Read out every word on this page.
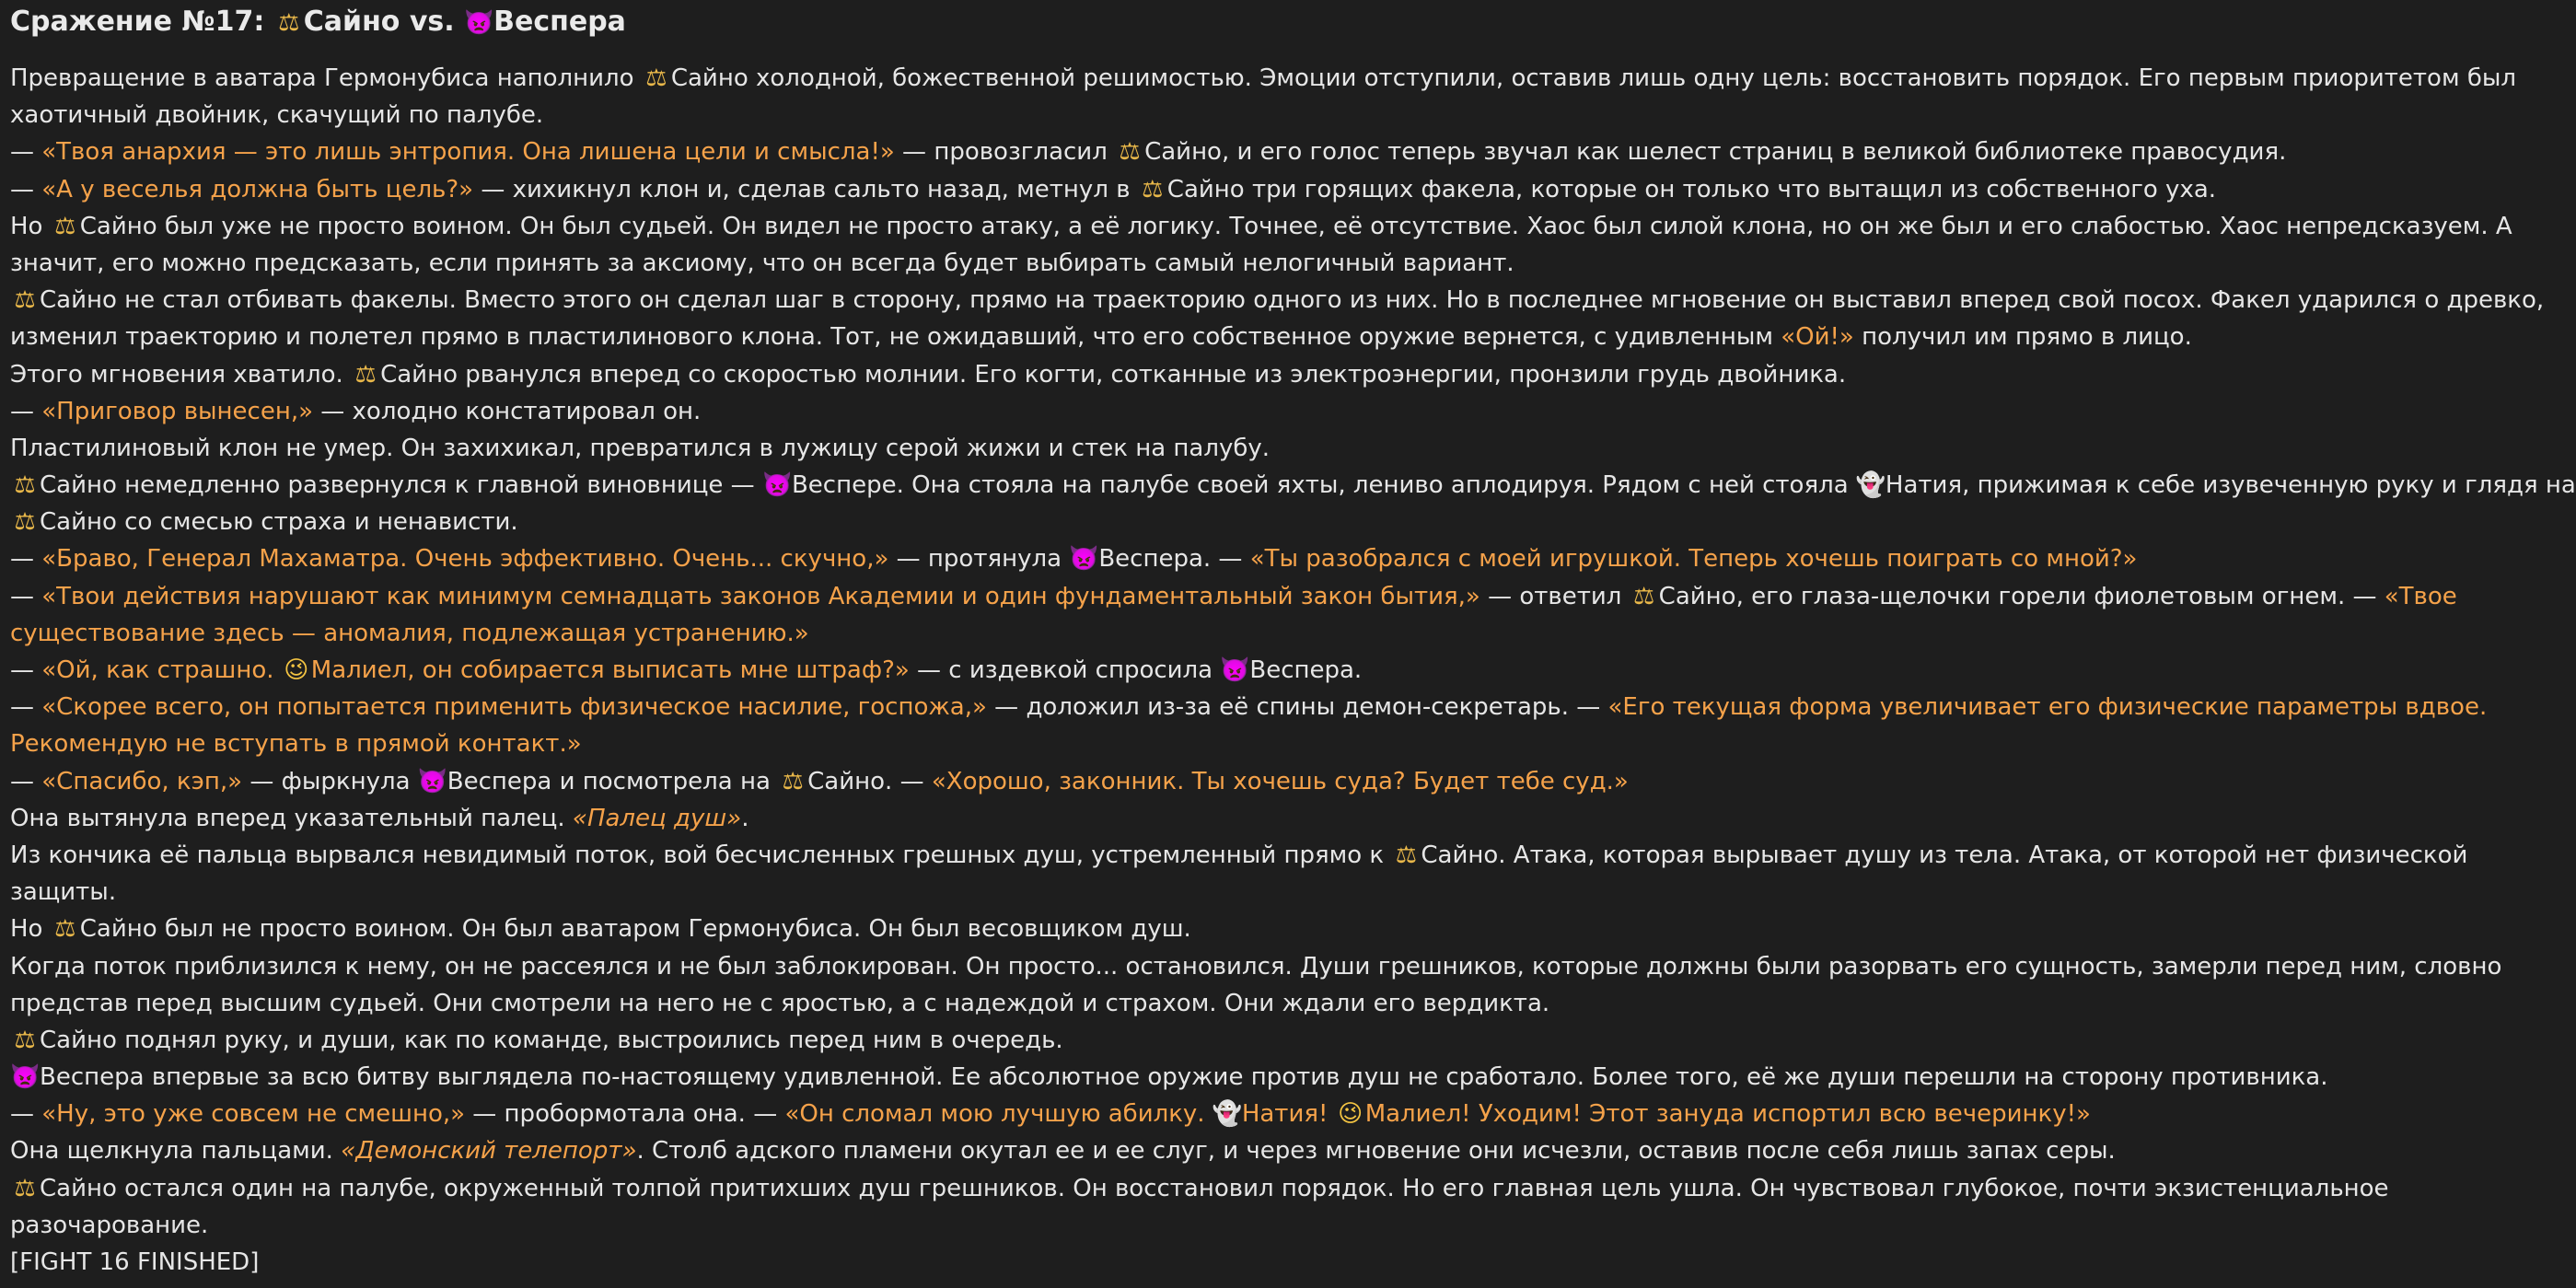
Сражение №17: ⚖ Сайно vs. 👿Веспера
Превращение в аватара Гермонубиса наполнило ⚖ Сайно холодной, божественной решимостью. Эмоции отступили, оставив лишь одну цель: восстановить порядок. Его первым приоритетом был
хаотичный двойник, скачущий по палубе.
— «Твоя анархия — это лишь энтропия. Она лишена цели и смысла!» — провозгласил ⚖ Сайно, и его голос теперь звучал как шелест страниц в великой библиотеке правосудия.
— «А у веселья должна быть цель?» — хихикнул клон и, сделав сальто назад, метнул в ⚖ Сайно три горящих факела, которые он только что вытащил из собственного уха.
Но ⚖ Сайно был уже не просто воином. Он был судьей. Он видел не просто атаку, а её логику. Точнее, её отсутствие. Хаос был силой клона, но он же был и его слабостью. Хаос непредсказуем. А
значит, его можно предсказать, если принять за аксиому, что он всегда будет выбирать самый нелогичный вариант.
⚖ Сайно не стал отбивать факелы. Вместо этого он сделал шаг в сторону, прямо на траекторию одного из них. Но в последнее мгновение он выставил вперед свой посох. Факел ударился о древко,
изменил траекторию и полетел прямо в пластилинового клона. Тот, не ожидавший, что его собственное оружие вернется, с удивленным «Ой!» получил им прямо в лицо.
Этого мгновения хватило. ⚖ Сайно рванулся вперед со скоростью молнии. Его когти, сотканные из электроэнергии, пронзили грудь двойника.
— «Приговор вынесен,» — холодно констатировал он.
Пластилиновый клон не умер. Он захихикал, превратился в лужицу серой жижи и стек на палубу.
⚖ Сайно немедленно развернулся к главной виновнице — 👿Веспере. Она стояла на палубе своей яхты, лениво аплодируя. Рядом с ней стояла 👻Натия, прижимая к себе изувеченную руку и глядя на
⚖ Сайно со смесью страха и ненависти.
— «Браво, Генерал Махаматра. Очень эффективно. Очень... скучно,» — протянула 👿Веспера. — «Ты разобрался с моей игрушкой. Теперь хочешь поиграть со мной?»
— «Твои действия нарушают как минимум семнадцать законов Академии и один фундаментальный закон бытия,» — ответил ⚖ Сайно, его глаза-щелочки горели фиолетовым огнем. — «Твое
существование здесь — аномалия, подлежащая устранению.»
— «Ой, как страшно. 😉Малиел, он собирается выписать мне штраф?» — с издевкой спросила 👿Веспера.
— «Скорее всего, он попытается применить физическое насилие, госпожа,» — доложил из-за её спины демон-секретарь. — «Его текущая форма увеличивает его физические параметры вдвое.
Рекомендую не вступать в прямой контакт.»
— «Спасибо, кэп,» — фыркнула 👿Веспера и посмотрела на ⚖ Сайно. — «Хорошо, законник. Ты хочешь суда? Будет тебе суд.»
Она вытянула вперед указательный палец. «Палец душ».
Из кончика её пальца вырвался невидимый поток, вой бесчисленных грешных душ, устремленный прямо к ⚖ Сайно. Атака, которая вырывает душу из тела. Атака, от которой нет физической
защиты.
Но ⚖ Сайно был не просто воином. Он был аватаром Гермонубиса. Он был весовщиком душ.
Когда поток приблизился к нему, он не рассеялся и не был заблокирован. Он просто... остановился. Души грешников, которые должны были разорвать его сущность, замерли перед ним, словно
представ перед высшим судьей. Они смотрели на него не с яростью, а с надеждой и страхом. Они ждали его вердикта.
⚖ Сайно поднял руку, и души, как по команде, выстроились перед ним в очередь.
👿Веспера впервые за всю битву выглядела по-настоящему удивленной. Ее абсолютное оружие против душ не сработало. Более того, её же души перешли на сторону противника.
— «Ну, это уже совсем не смешно,» — пробормотала она. — «Он сломал мою лучшую абилку. 👻Натия! 😉Малиел! Уходим! Этот зануда испортил всю вечеринку!»
Она щелкнула пальцами. «Демонский телепорт». Столб адского пламени окутал ее и ее слуг, и через мгновение они исчезли, оставив после себя лишь запах серы.
⚖ Сайно остался один на палубе, окруженный толпой притихших душ грешников. Он восстановил порядок. Но его главная цель ушла. Он чувствовал глубокое, почти экзистенциальное
разочарование.
[FIGHT 16 FINISHED]
